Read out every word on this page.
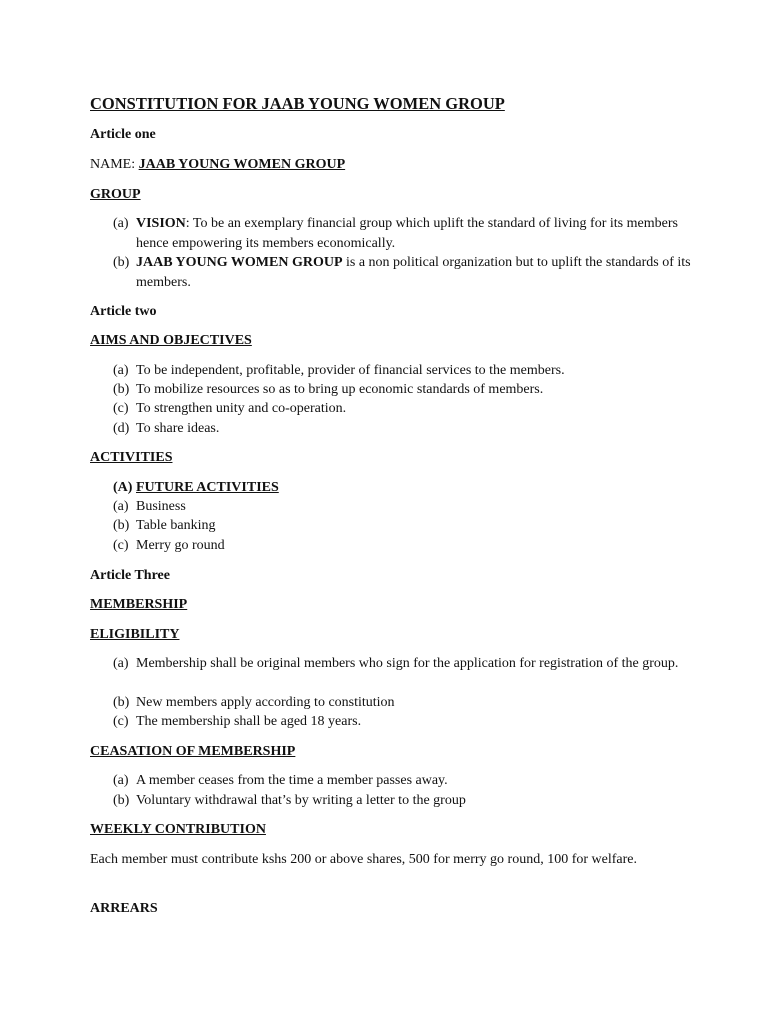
CONSTITUTION FOR JAAB YOUNG WOMEN GROUP
Article one
NAME: JAAB YOUNG WOMEN GROUP
GROUP
(a) VISION: To be an exemplary financial group which uplift the standard of living for its members hence empowering its members economically.
(b) JAAB YOUNG WOMEN GROUP is a non political organization but to uplift the standards of its members.
Article two
AIMS AND OBJECTIVES
(a) To be independent, profitable, provider of financial services to the members.
(b) To mobilize resources so as to bring up economic standards of members.
(c) To strengthen unity and co-operation.
(d) To share ideas.
ACTIVITIES
(A) FUTURE ACTIVITIES
(a) Business
(b) Table banking
(c) Merry go round
Article Three
MEMBERSHIP
ELIGIBILITY
(a) Membership shall be original members who sign for the application for registration of the group.
(b) New members apply according to constitution
(c) The membership shall be aged 18 years.
CEASATION OF MEMBERSHIP
(a) A member ceases from the time a member passes away.
(b) Voluntary withdrawal that’s by writing a letter to the group
WEEKLY CONTRIBUTION
Each member must contribute kshs 200 or above shares, 500 for merry go round, 100 for welfare.
ARREARS
